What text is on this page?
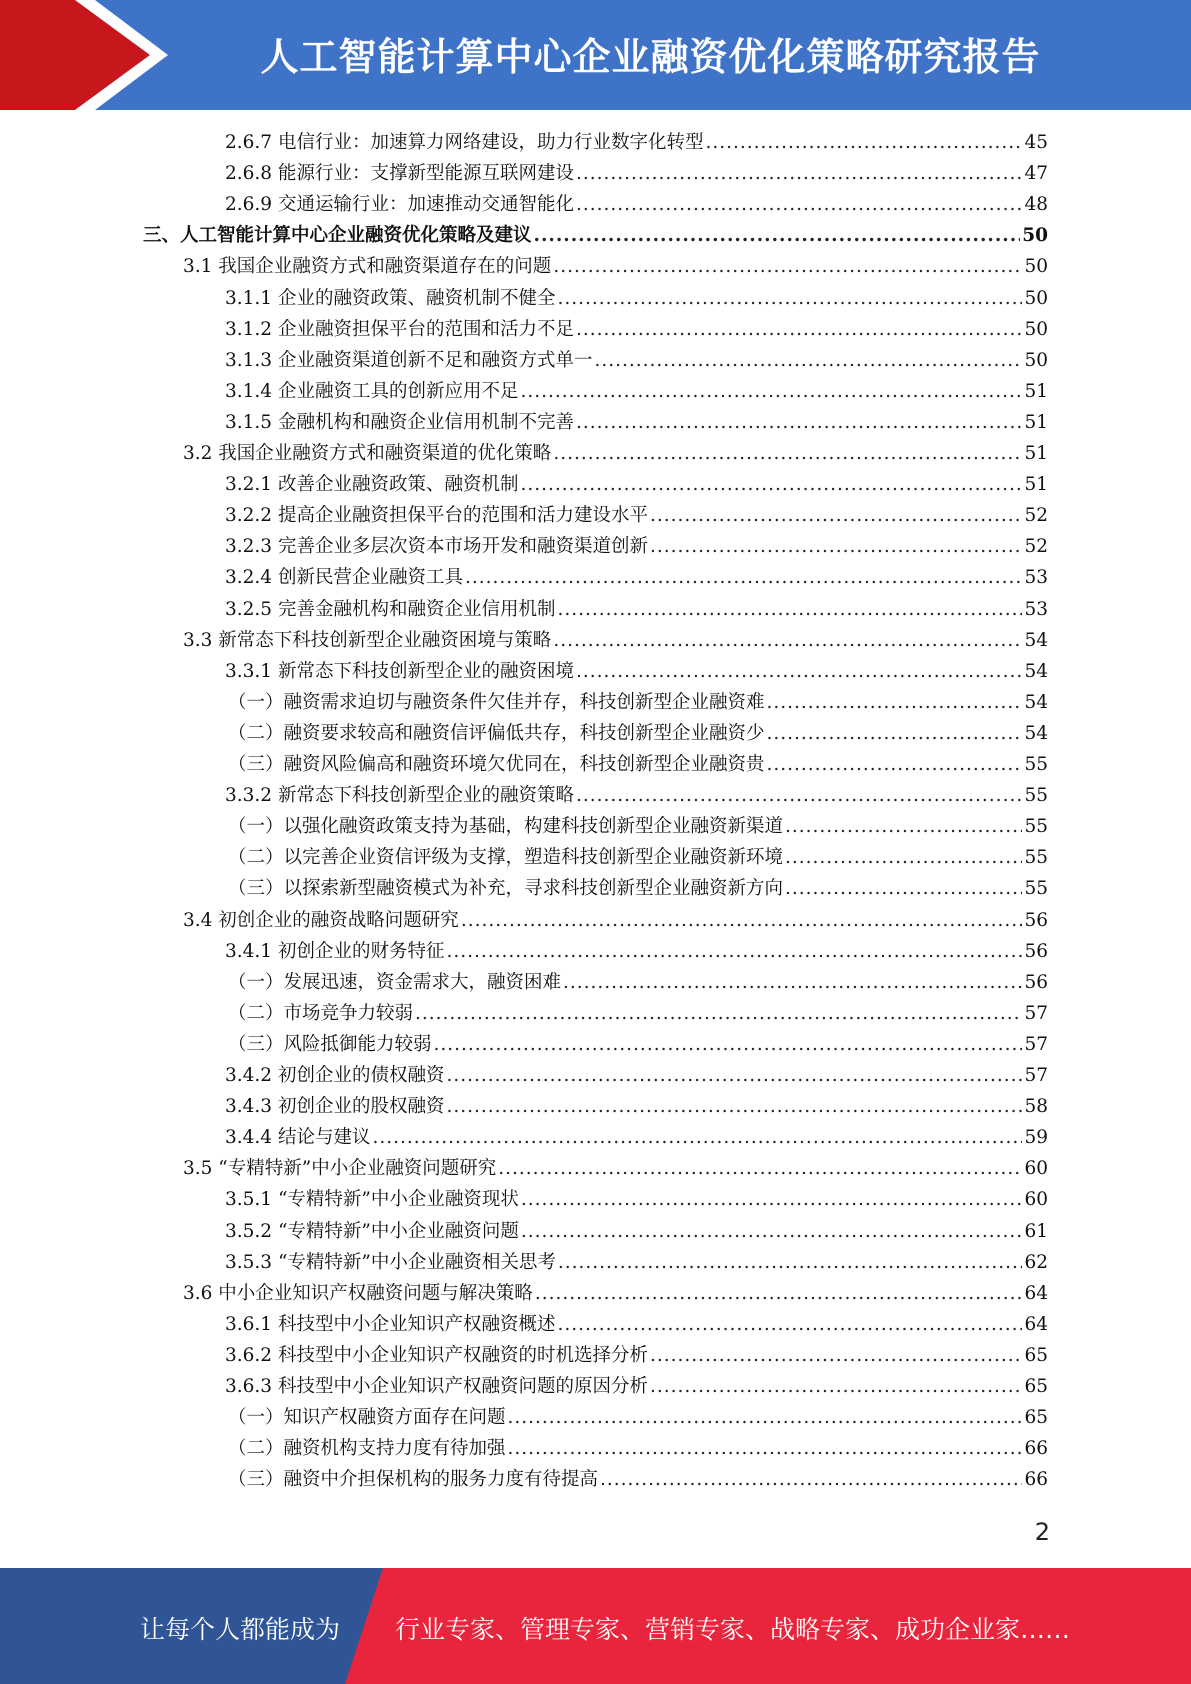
人工智能计算中心企业融资优化策略研究报告
2.6.7 电信行业：加速算力网络建设，助力行业数字化转型 .....	45
2.6.8 能源行业：支撑新型能源互联网建设 .....	47
2.6.9 交通运输行业：加速推动交通智能化 .....	48
三、人工智能计算中心企业融资优化策略及建议 .....	50
3.1 我国企业融资方式和融资渠道存在的问题 .....	50
3.1.1 企业的融资政策、融资机制不健全 .....	50
3.1.2 企业融资担保平台的范围和活力不足 .....	50
3.1.3 企业融资渠道创新不足和融资方式单一 .....	50
3.1.4 企业融资工具的创新应用不足 .....	51
3.1.5 金融机构和融资企业信用机制不完善 .....	51
3.2 我国企业融资方式和融资渠道的优化策略 .....	51
3.2.1 改善企业融资政策、融资机制 .....	51
3.2.2 提高企业融资担保平台的范围和活力建设水平 .....	52
3.2.3 完善企业多层次资本市场开发和融资渠道创新 .....	52
3.2.4 创新民营企业融资工具 .....	53
3.2.5 完善金融机构和融资企业信用机制 .....	53
3.3 新常态下科技创新型企业融资困境与策略 .....	54
3.3.1 新常态下科技创新型企业的融资困境 .....	54
（一）融资需求迫切与融资条件欠佳并存，科技创新型企业融资难 .....	54
（二）融资要求较高和融资信评偏低共存，科技创新型企业融资少 .....	54
（三）融资风险偏高和融资环境欠优同在，科技创新型企业融资贵 .....	55
3.3.2 新常态下科技创新型企业的融资策略 .....	55
（一）以强化融资政策支持为基础，构建科技创新型企业融资新渠道 .....	55
（二）以完善企业资信评级为支撑，塑造科技创新型企业融资新环境 .....	55
（三）以探索新型融资模式为补充，寻求科技创新型企业融资新方向 .....	55
3.4 初创企业的融资战略问题研究 .....	56
3.4.1 初创企业的财务特征 .....	56
（一）发展迅速，资金需求大，融资困难 .....	56
（二）市场竞争力较弱 .....	57
（三）风险抵御能力较弱 .....	57
3.4.2 初创企业的债权融资 .....	57
3.4.3 初创企业的股权融资 .....	58
3.4.4 结论与建议 .....	59
3.5 “专精特新”中小企业融资问题研究 .....	60
3.5.1 “专精特新”中小企业融资现状 .....	60
3.5.2 “专精特新”中小企业融资问题 .....	61
3.5.3 “专精特新”中小企业融资相关思考 .....	62
3.6 中小企业知识产权融资问题与解决策略 .....	64
3.6.1 科技型中小企业知识产权融资概述 .....	64
3.6.2 科技型中小企业知识产权融资的时机选择分析 .....	65
3.6.3 科技型中小企业知识产权融资问题的原因分析 .....	65
（一）知识产权融资方面存在问题 .....	65
（二）融资机构支持力度有待加强 .....	66
（三）融资中介担保机构的服务力度有待提高 .....	66
2
让每个人都能成为 行业专家、管理专家、营销专家、战略专家、成功企业家……
